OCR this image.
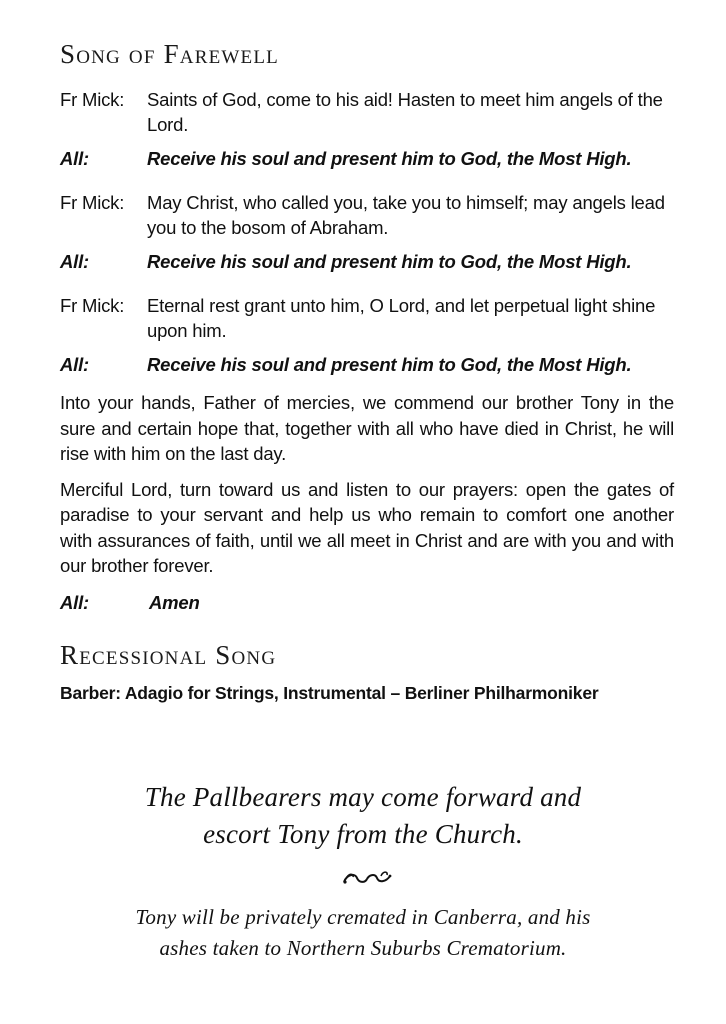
Song of Farewell
Fr Mick:	Saints of God, come to his aid! Hasten to meet him angels of the Lord.
All:	Receive his soul and present him to God, the Most High.
Fr Mick:	May Christ, who called you, take you to himself; may angels lead you to the bosom of Abraham.
All:	Receive his soul and present him to God, the Most High.
Fr Mick:	Eternal rest grant unto him, O Lord, and let perpetual light shine upon him.
All:	Receive his soul and present him to God, the Most High.

Into your hands, Father of mercies, we commend our brother Tony in the sure and certain hope that, together with all who have died in Christ, he will rise with him on the last day.

Merciful Lord, turn toward us and listen to our prayers: open the gates of paradise to your servant and help us who remain to comfort one another with assurances of faith, until we all meet in Christ and are with you and with our brother forever.

All:	Amen
Recessional Song

Barber: Adagio for Strings, Instrumental – Berliner Philharmoniker

The Pallbearers may come forward and
escort Tony from the Church.
Tony will be privately cremated in Canberra, and his
ashes taken to Northern Suburbs Crematorium.
